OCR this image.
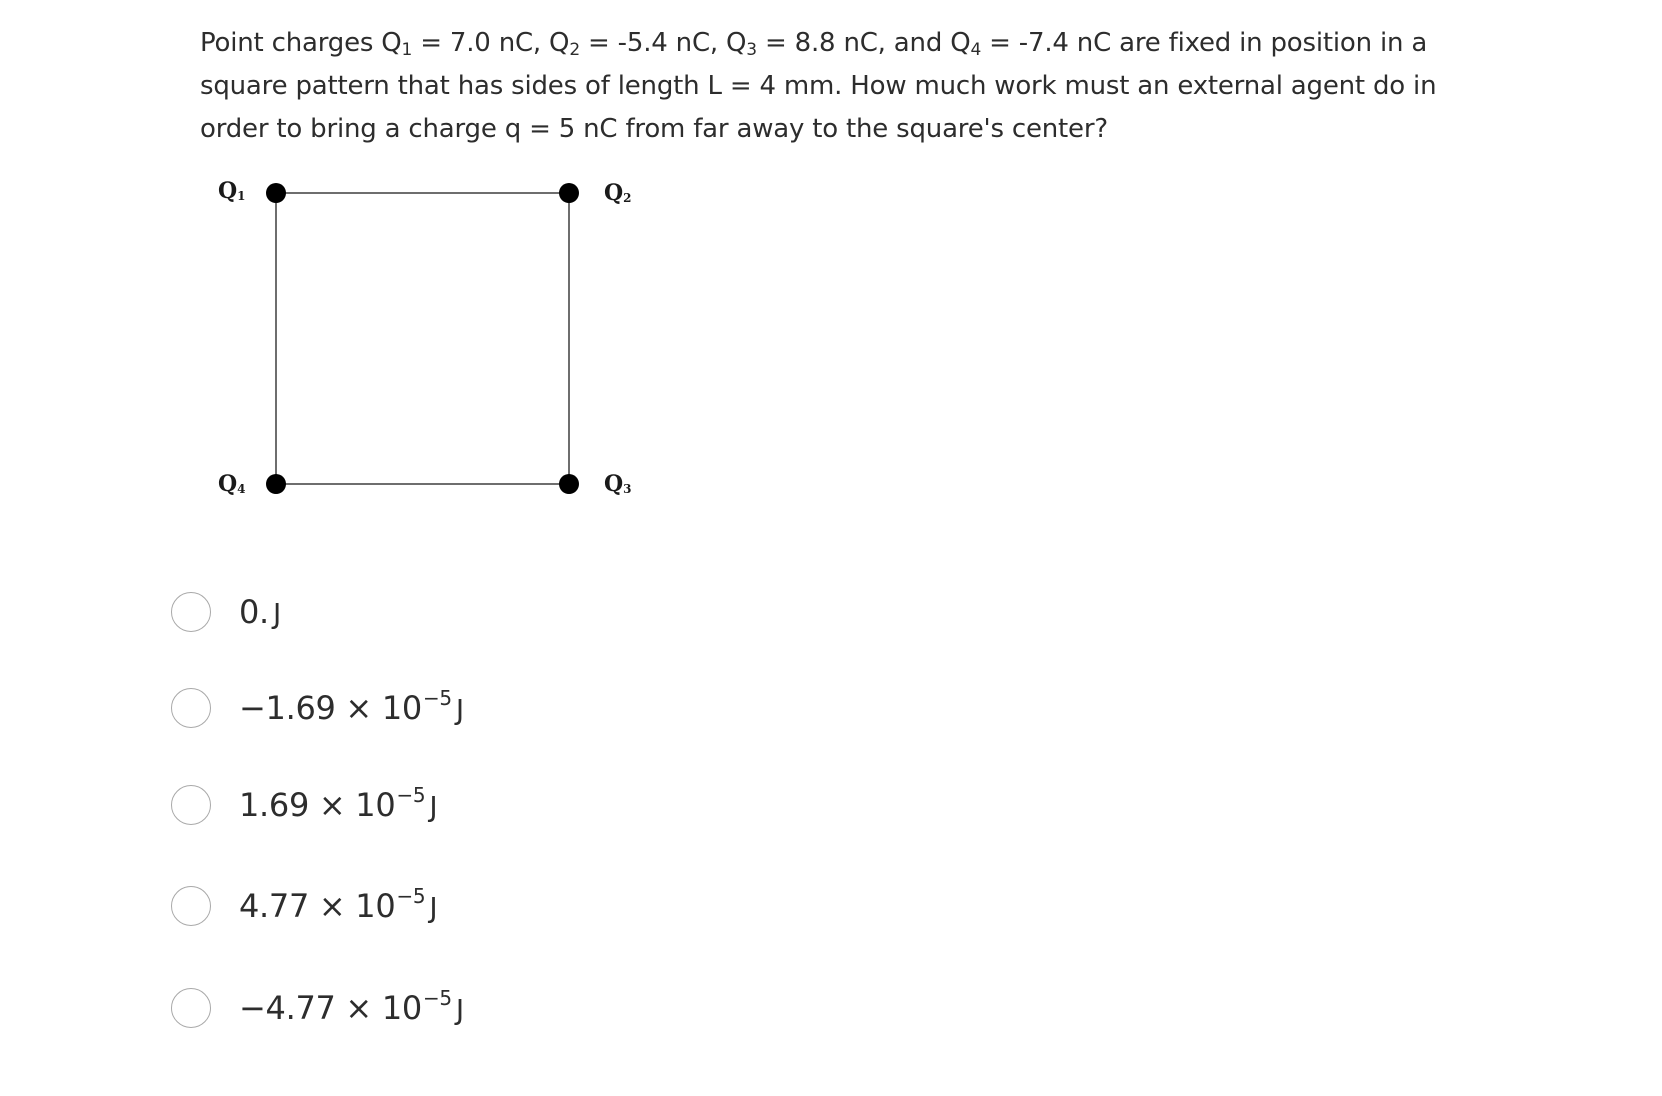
Point charges $Q_1 = 7.0$ nC, $Q_2 = -5.4$ nC, $Q_3 = 8.8$ nC, and $Q_4 = -7.4$ nC are fixed in position in a square pattern that has sides of length L = 4 mm. How much work must an external agent do in order to bring a charge q = 5 nC from far away to the square's center?
$Q_1$	$Q_2$
$Q_3$
$Q_4$
0. J
$-1.69 \times 10^{-5}$ J
$1.69 \times 10^{-5}$ J
$4.77 \times 10^{-5}$ J
$-4.77 \times 10^{-5}$ J
